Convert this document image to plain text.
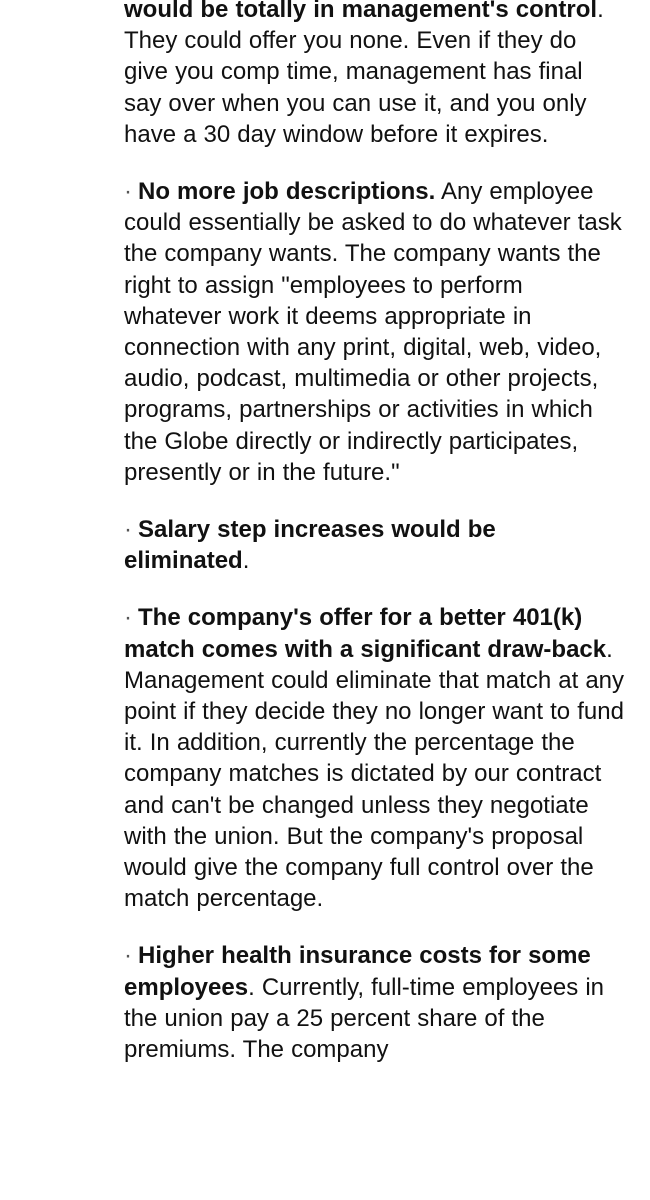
would be totally in management's control. They could offer you none. Even if they do give you comp time, management has final say over when you can use it, and you only have a 30 day window before it expires.

· No more job descriptions. Any employee could essentially be asked to do whatever task the company wants. The company wants the right to assign "employees to perform whatever work it deems appropriate in connection with any print, digital, web, video, audio, podcast, multimedia or other projects, programs, partnerships or activities in which the Globe directly or indirectly participates, presently or in the future."

· Salary step increases would be eliminated.

· The company's offer for a better 401(k) match comes with a significant draw-back. Management could eliminate that match at any point if they decide they no longer want to fund it. In addition, currently the percentage the company matches is dictated by our contract and can't be changed unless they negotiate with the union. But the company's proposal would give the company full control over the match percentage.

· Higher health insurance costs for some employees. Currently, full-time employees in the union pay a 25 percent share of the premiums. The company
